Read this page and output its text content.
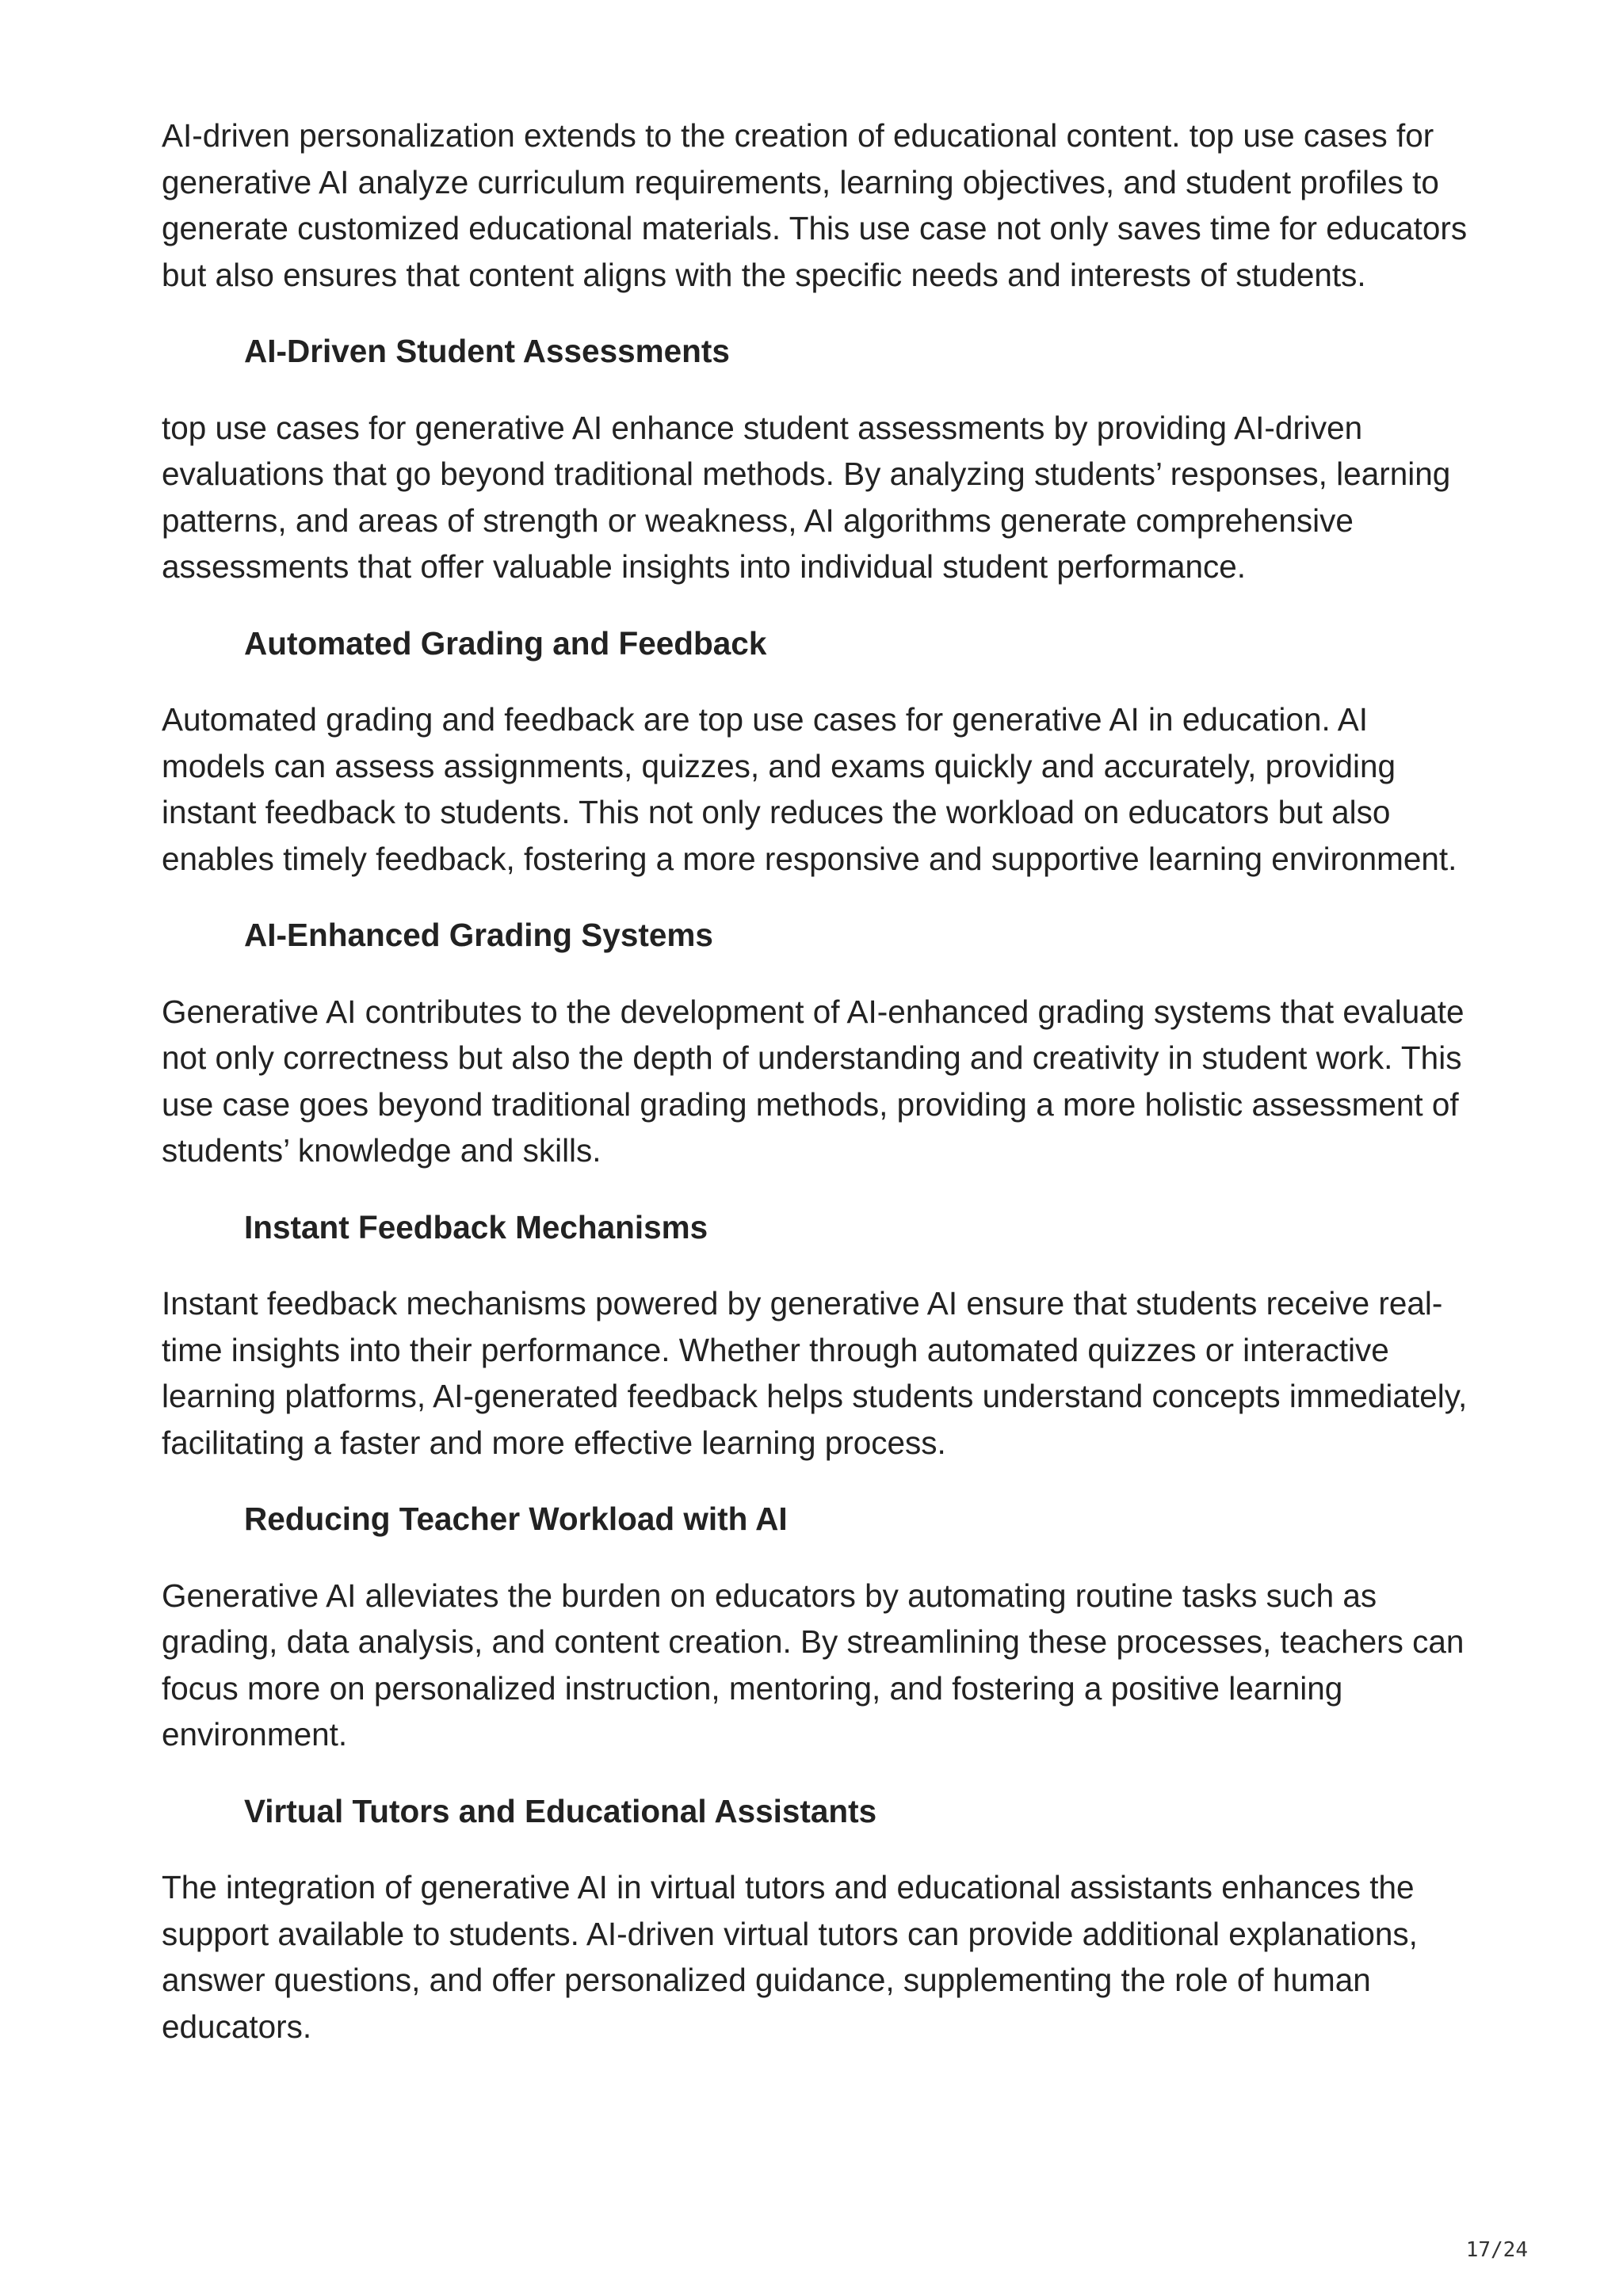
AI-driven personalization extends to the creation of educational content. top use cases for generative AI analyze curriculum requirements, learning objectives, and student profiles to generate customized educational materials. This use case not only saves time for educators but also ensures that content aligns with the specific needs and interests of students.

AI-Driven Student Assessments

top use cases for generative AI enhance student assessments by providing AI-driven evaluations that go beyond traditional methods. By analyzing students’ responses, learning patterns, and areas of strength or weakness, AI algorithms generate comprehensive assessments that offer valuable insights into individual student performance.

Automated Grading and Feedback

Automated grading and feedback are top use cases for generative AI in education. AI models can assess assignments, quizzes, and exams quickly and accurately, providing instant feedback to students. This not only reduces the workload on educators but also enables timely feedback, fostering a more responsive and supportive learning environment.

AI-Enhanced Grading Systems

Generative AI contributes to the development of AI-enhanced grading systems that evaluate not only correctness but also the depth of understanding and creativity in student work. This use case goes beyond traditional grading methods, providing a more holistic assessment of students’ knowledge and skills.

Instant Feedback Mechanisms

Instant feedback mechanisms powered by generative AI ensure that students receive real-time insights into their performance. Whether through automated quizzes or interactive learning platforms, AI-generated feedback helps students understand concepts immediately, facilitating a faster and more effective learning process.

Reducing Teacher Workload with AI

Generative AI alleviates the burden on educators by automating routine tasks such as grading, data analysis, and content creation. By streamlining these processes, teachers can focus more on personalized instruction, mentoring, and fostering a positive learning environment.

Virtual Tutors and Educational Assistants

The integration of generative AI in virtual tutors and educational assistants enhances the support available to students. AI-driven virtual tutors can provide additional explanations, answer questions, and offer personalized guidance, supplementing the role of human educators.

17/24
